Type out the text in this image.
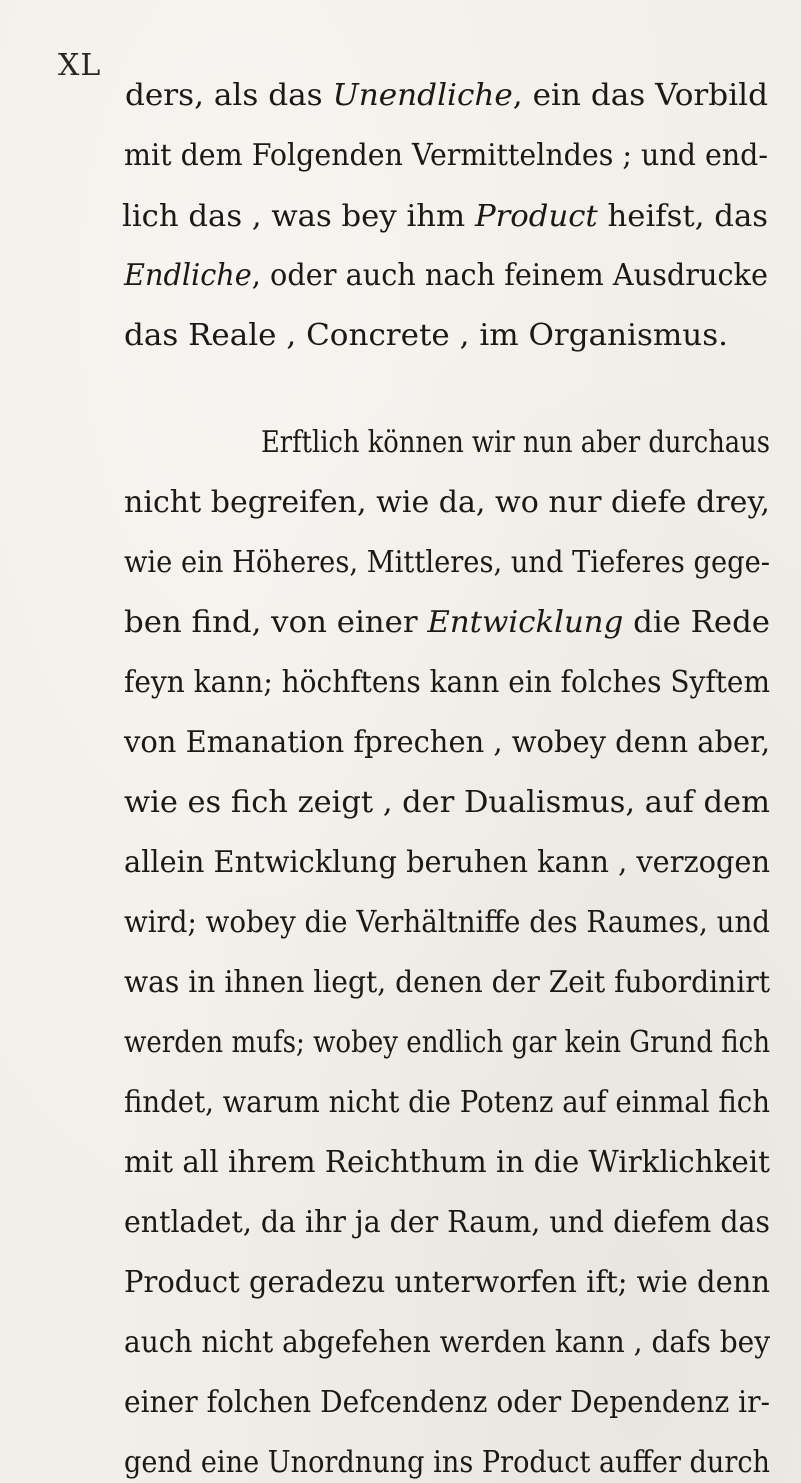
XL
ders, als das Unendliche, ein das Vorbild
mit dem Folgenden Vermittelndes ; und end-
lich das , was bey ihm Product heifst, das
Endliche, oder auch nach feinem Ausdrucke
das Reale , Concrete , im Organismus.
Erftlich können wir nun aber durchaus
nicht begreifen, wie da, wo nur diefe drey,
wie ein Höheres, Mittleres, und Tieferes gege-
ben find, von einer Entwicklung die Rede
feyn kann; höchftens kann ein folches Syftem
von Emanation fprechen , wobey denn aber,
wie es fich zeigt , der Dualismus, auf dem
allein Entwicklung beruhen kann , verzogen
wird; wobey die Verhältniffe des Raumes, und
was in ihnen liegt, denen der Zeit fubordinirt
werden mufs; wobey endlich gar kein Grund fich
findet, warum nicht die Potenz auf einmal fich
mit all ihrem Reichthum in die Wirklichkeit
entladet, da ihr ja der Raum, und diefem das
Product geradezu unterworfen ift; wie denn
auch nicht abgefehen werden kann , dafs bey
einer folchen Defcendenz oder Dependenz ir-
gend eine Unordnung ins Product auffer durch
